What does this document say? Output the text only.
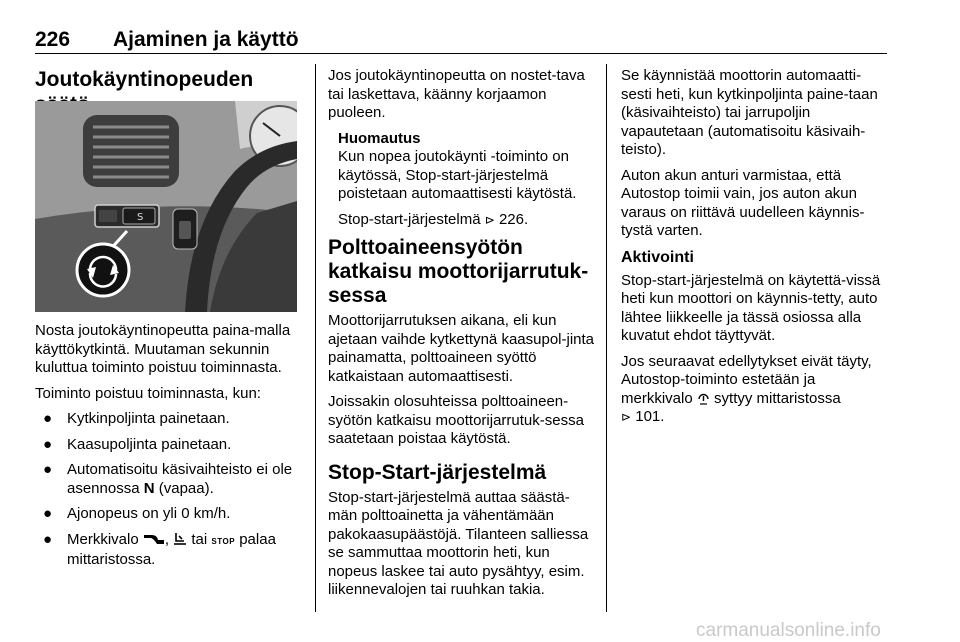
226 Ajaminen ja käyttö
Joutokäyntinopeuden
S

Nosta joutokäyntinopeutta paina-malla käyttökytkintä. Muutaman sekunnin kuluttua toiminto poistuu toiminnasta.

Toiminto poistuu toiminnasta, kun:

● Kytkinpoljinta painetaan.
● Kaasupoljinta painetaan.
● Automatisoitu käsivaihteisto ei ole asennossa N (vapaa).
● Ajonopeus on yli 0 km/h.
● Merkkivalo , tai STOP palaa mittaristossa.

Jos joutokäyntinopeutta on nostet-tava tai laskettava, käänny korjaamon puoleen.

Huomautus

Kun nopea joutokäynti -toiminto on käytössä, Stop-start-järjestelmä poistetaan automaattisesti käytöstä.

Stop-start-järjestelmä ⊳ 226.

Polttoaineensyötön katkaisu moottorijarrutuk-sessa

Moottorijarrutuksen aikana, eli kun ajetaan vaihde kytkettynä kaasupol-jinta painamatta, polttoaineen syöttö katkaistaan automaattisesti.

Joissakin olosuhteissa polttoaineen-syötön katkaisu moottorijarrutuk-sessa saatetaan poistaa käytöstä.

Stop-Start-järjestelmä

Stop-start-järjestelmä auttaa säästä-män polttoainetta ja vähentämään pakokaasupäästöjä. Tilanteen salliessa se sammuttaa moottorin heti, kun nopeus laskee tai auto pysähtyy, esim. liikennevalojen tai ruuhkan takia.

Se käynnistää moottorin automaatti-sesti heti, kun kytkinpoljinta paine-taan (käsivaihteisto) tai jarrupoljin vapautetaan (automatisoitu käsivaih-teisto).

Auton akun anturi varmistaa, että Autostop toimii vain, jos auton akun varaus on riittävä uudelleen käynnis-tystä varten.

Aktivointi

Stop-start-järjestelmä on käytettä-vissä heti kun moottori on käynnis-tetty, auto lähtee liikkeelle ja tässä osiossa alla kuvatut ehdot täyttyvät.

Jos seuraavat edellytykset eivät täyty, Autostop-toiminto estetään ja merkkivalo syttyy mittaristossa
⊳ 101.

carmanualsonline.info
